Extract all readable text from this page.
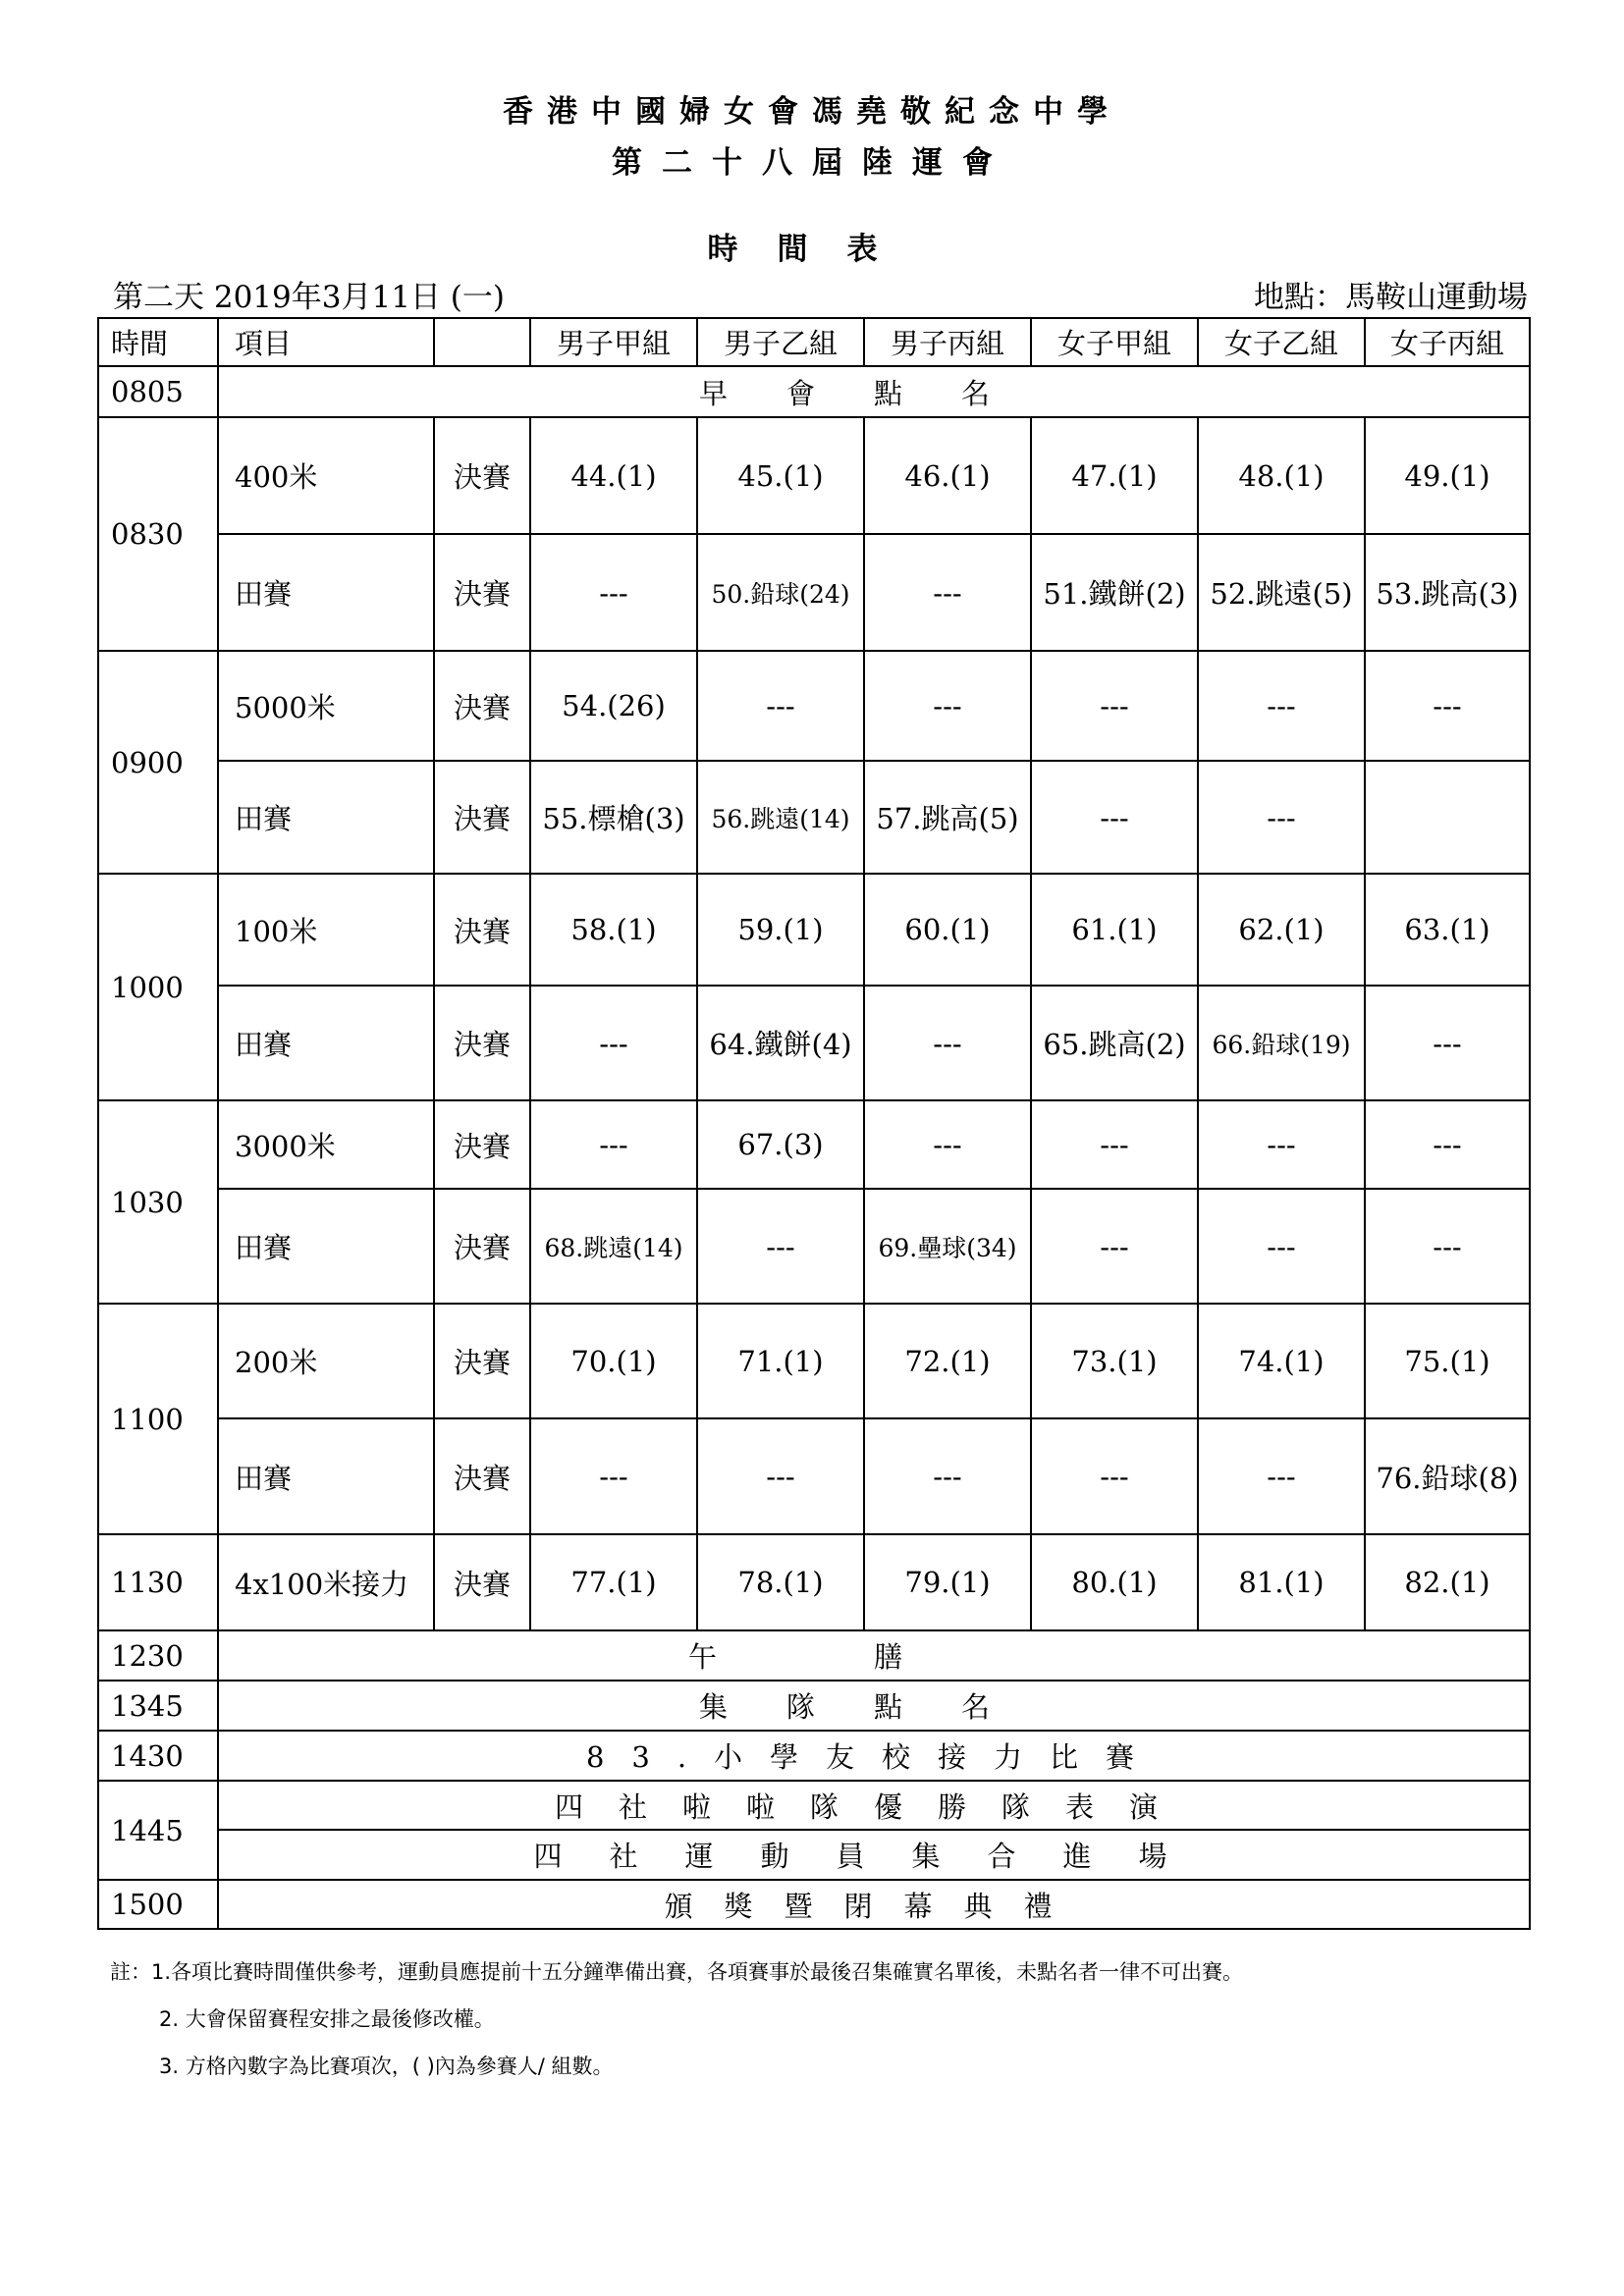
香港中國婦女會馮堯敬紀念中學
第二十八屆陸運會
時間表
第二天 2019年3月11日 (一)	地點：馬鞍山運動場
時間	項目		男子甲組	男子乙組	男子丙組	女子甲組	女子乙組	女子丙組
0805	早會點名							
0830	400米	決賽	44.(1)	45.(1)	46.(1)	47.(1)	48.(1)	49.(1)
	田賽	決賽	---	50.鉛球(24)	---	51.鐵餅(2)	52.跳遠(5)	53.跳高(3)
0900	5000米	決賽	54.(26)	---	---	---	---	---
	田賽	決賽	55.標槍(3)	56.跳遠(14)	57.跳高(5)	---	---	
1000	100米	決賽	58.(1)	59.(1)	60.(1)	61.(1)	62.(1)	63.(1)
	田賽	決賽	---	64.鐵餅(4)	---	65.跳高(2)	66.鉛球(19)	---
1030	3000米	決賽	---	67.(3)	---	---	---	---
	田賽	決賽	68.跳遠(14)	---	69.壘球(34)	---	---	---
1100	200米	決賽	70.(1)	71.(1)	72.(1)	73.(1)	74.(1)	75.(1)
	田賽	決賽	---	---	---	---	---	76.鉛球(8)
1130	4x100米接力	決賽	77.(1)	78.(1)	79.(1)	80.(1)	81.(1)	82.(1)
1230	午膳							
1345	集隊點名							
1430	83.小學友校接力比賽							
1445	四社啦啦隊優勝隊表演							
	四社運動員集合進場							
1500	頒獎暨閉幕典禮							
註：1.各項比賽時間僅供參考，運動員應提前十五分鐘準備出賽，各項賽事於最後召集確實名單後，未點名者一律不可出賽。
2. 大會保留賽程安排之最後修改權。
3. 方格內數字為比賽項次，( )內為參賽人/ 組數。
